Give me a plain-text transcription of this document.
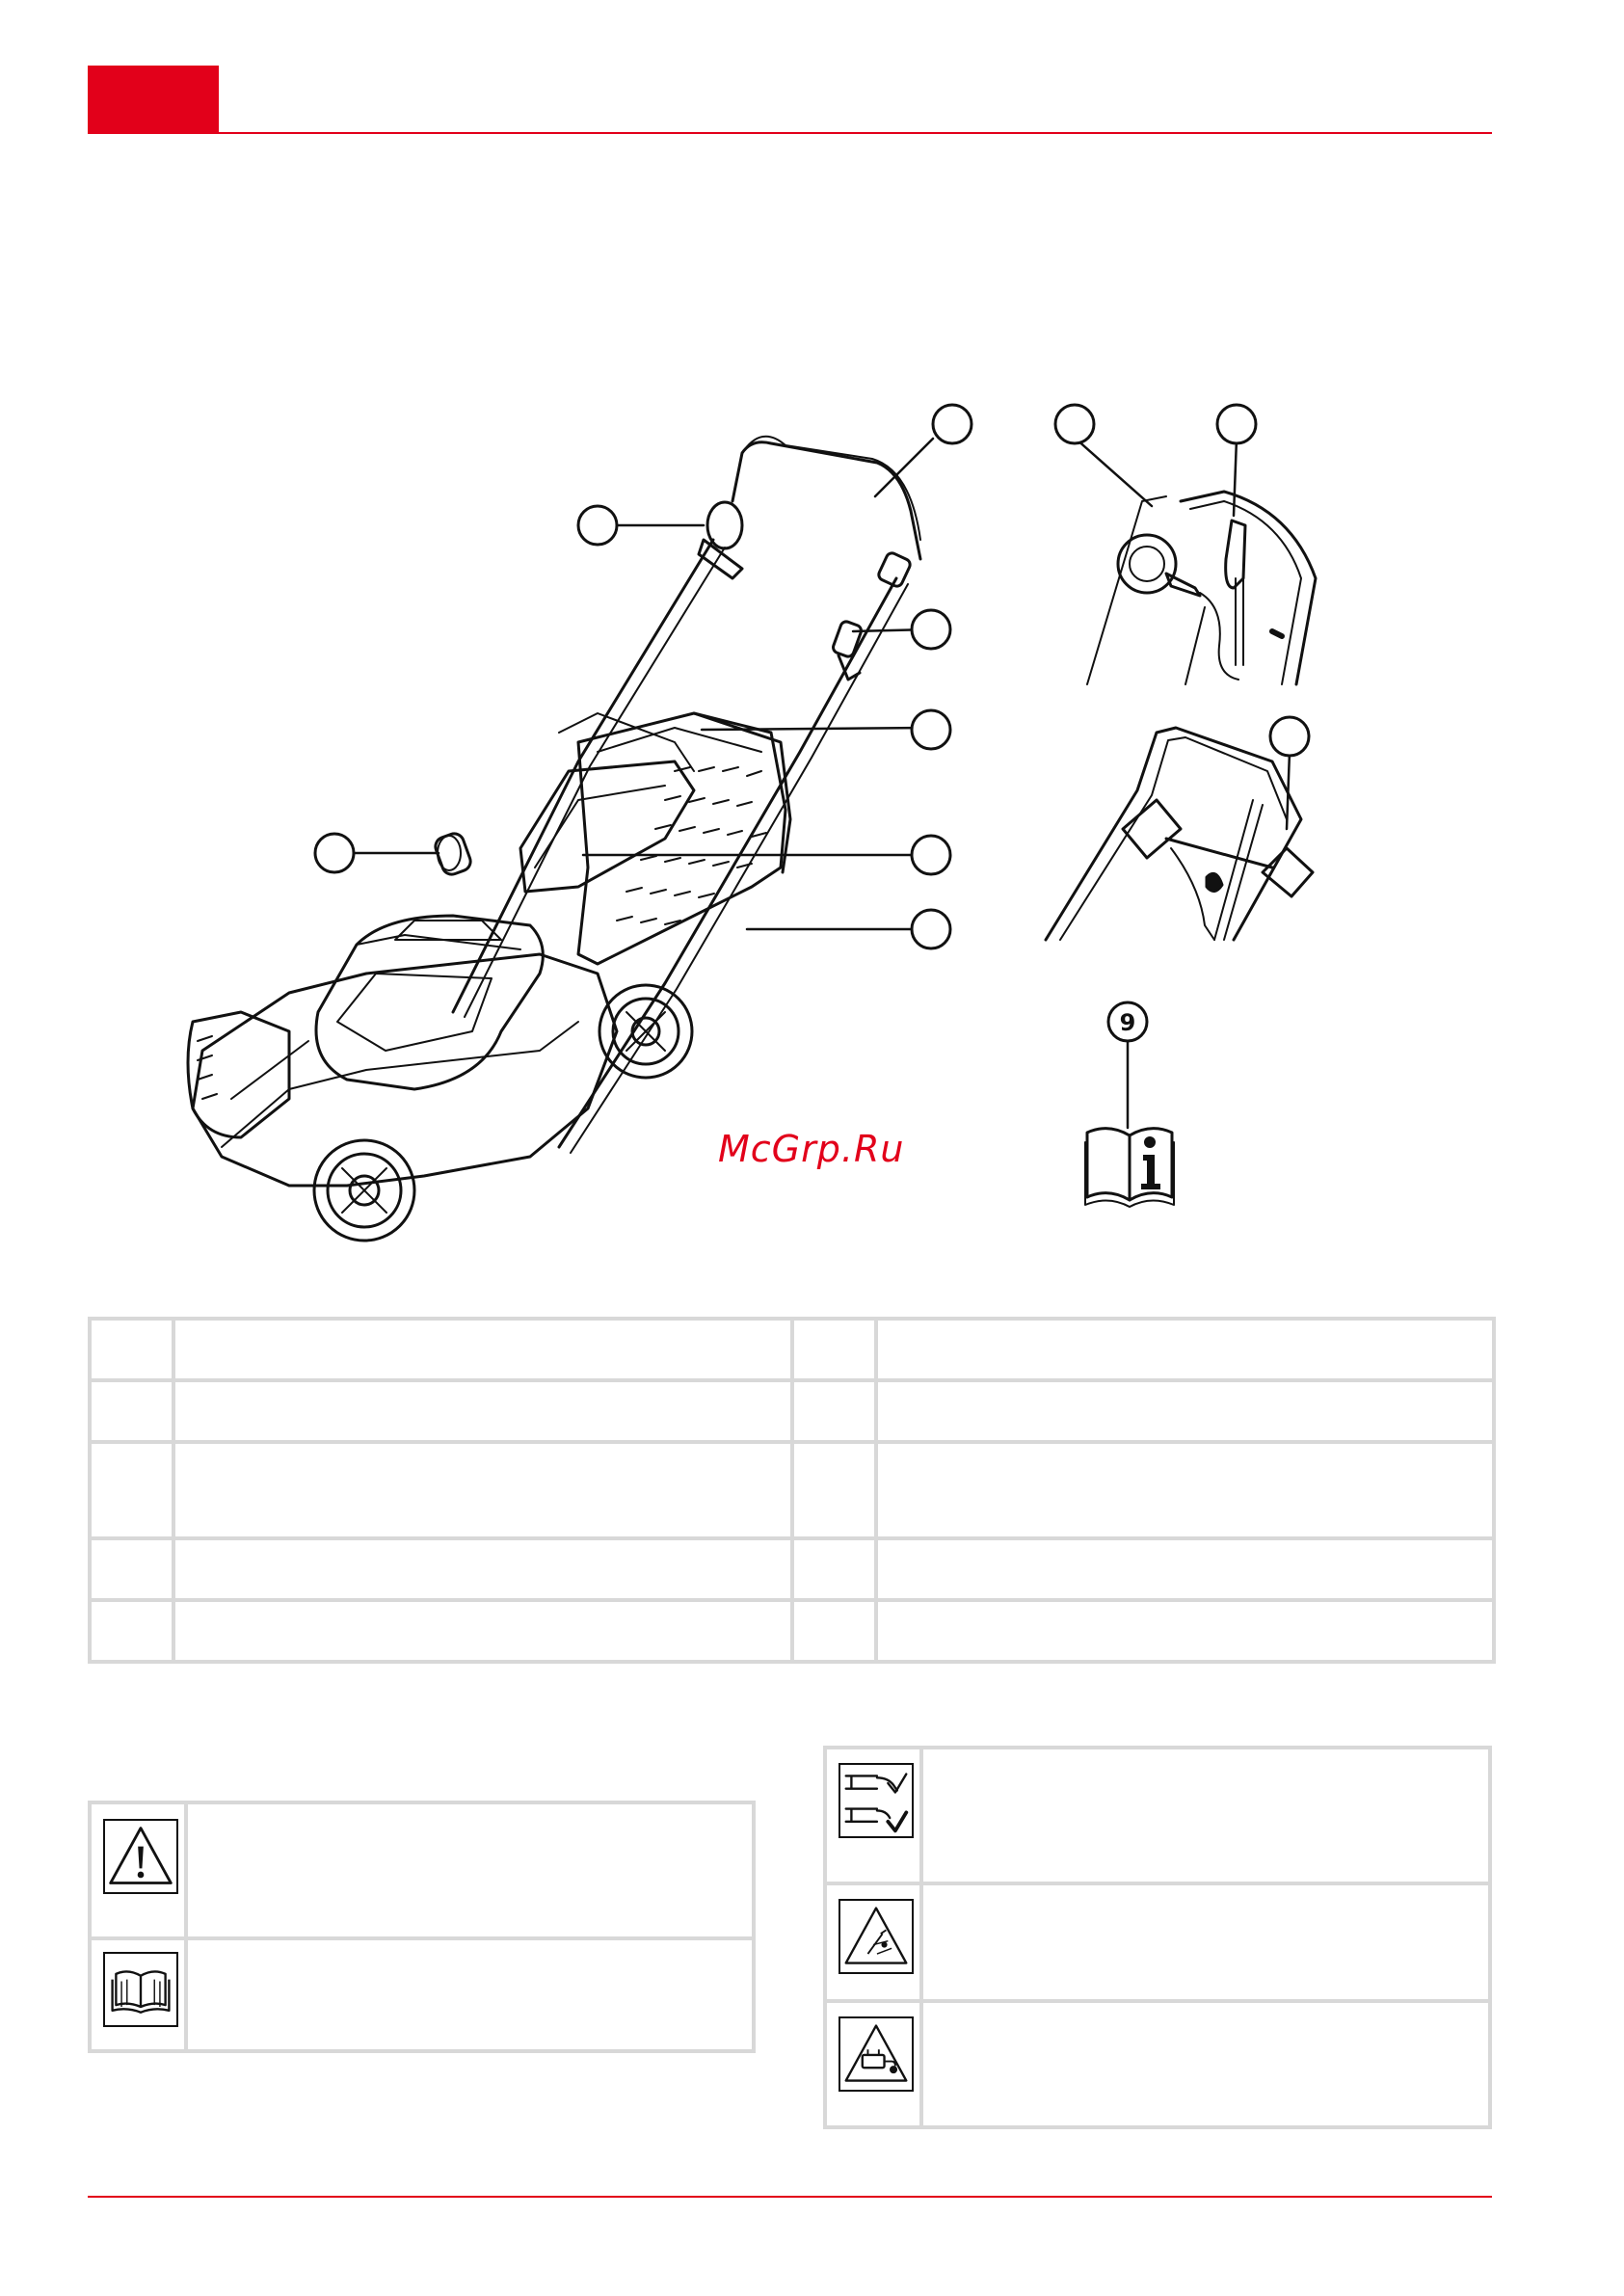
9
McGrp.Ru
